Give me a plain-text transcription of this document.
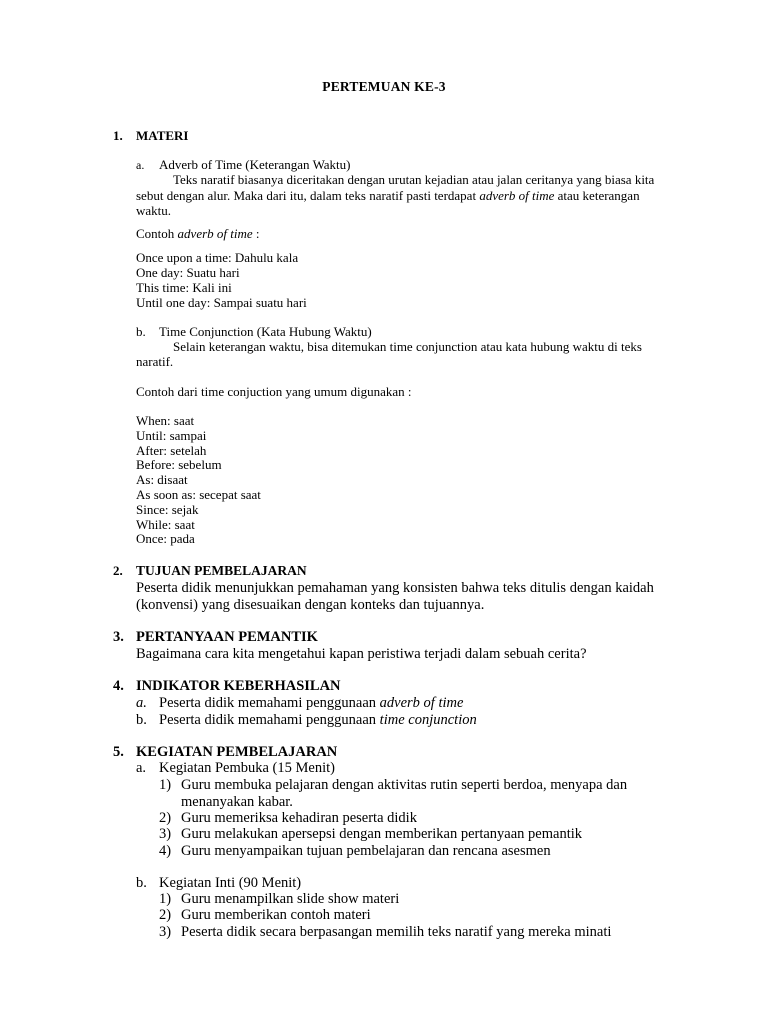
PERTEMUAN KE-3
1. MATERI
a. Adverb of Time (Keterangan Waktu)
Teks naratif biasanya diceritakan dengan urutan kejadian atau jalan ceritanya yang biasa kita
sebut dengan alur. Maka dari itu, dalam teks naratif pasti terdapat adverb of time atau keterangan
waktu.
Contoh adverb of time :
Once upon a time: Dahulu kala
One day: Suatu hari
This time: Kali ini
Until one day: Sampai suatu hari
b. Time Conjunction (Kata Hubung Waktu)
Selain keterangan waktu, bisa ditemukan time conjunction atau kata hubung waktu di teks
naratif.
Contoh dari time conjuction yang umum digunakan :
When: saat
Until: sampai
After: setelah
Before: sebelum
As: disaat
As soon as: secepat saat
Since: sejak
While: saat
Once: pada
2. TUJUAN PEMBELAJARAN
Peserta didik menunjukkan pemahaman yang konsisten bahwa teks ditulis dengan kaidah
(konvensi) yang disesuaikan dengan konteks dan tujuannya.
3. PERTANYAAN PEMANTIK
Bagaimana cara kita mengetahui kapan peristiwa terjadi dalam sebuah cerita?
4. INDIKATOR KEBERHASILAN
a. Peserta didik memahami penggunaan adverb of time
b. Peserta didik memahami penggunaan time conjunction
5. KEGIATAN PEMBELAJARAN
a. Kegiatan Pembuka (15 Menit)
1) Guru membuka pelajaran dengan aktivitas rutin seperti berdoa, menyapa dan
menanyakan kabar.
2) Guru memeriksa kehadiran peserta didik
3) Guru melakukan apersepsi dengan memberikan pertanyaan pemantik
4) Guru menyampaikan tujuan pembelajaran dan rencana asesmen
b. Kegiatan Inti (90 Menit)
1) Guru menampilkan slide show materi
2) Guru memberikan contoh materi
3) Peserta didik secara berpasangan memilih teks naratif yang mereka minati
